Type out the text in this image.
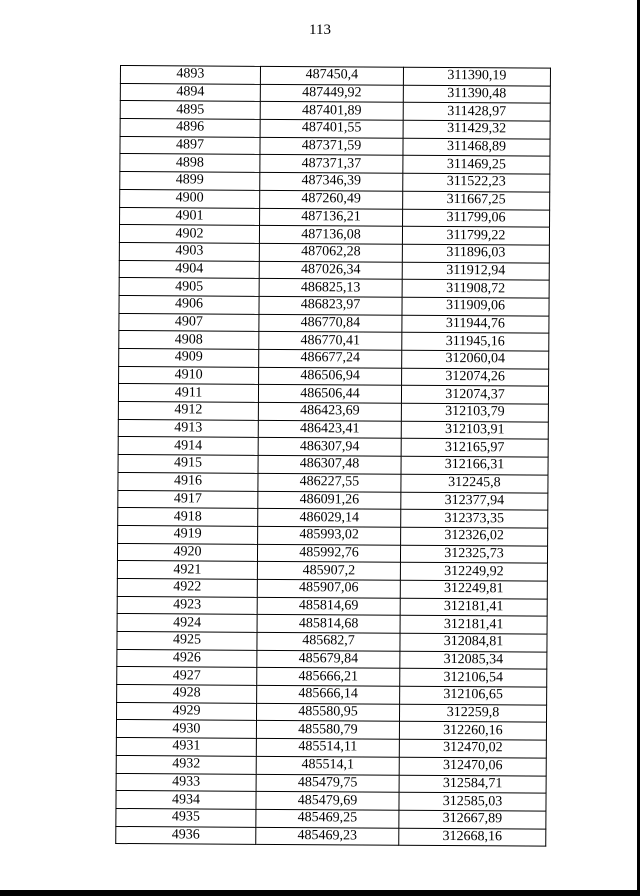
113
4893	487450,4	311390,19
4894	487449,92	311390,48
4895	487401,89	311428,97
4896	487401,55	311429,32
4897	487371,59	311468,89
4898	487371,37	311469,25
4899	487346,39	311522,23
4900	487260,49	311667,25
4901	487136,21	311799,06
4902	487136,08	311799,22
4903	487062,28	311896,03
4904	487026,34	311912,94
4905	486825,13	311908,72
4906	486823,97	311909,06
4907	486770,84	311944,76
4908	486770,41	311945,16
4909	486677,24	312060,04
4910	486506,94	312074,26
4911	486506,44	312074,37
4912	486423,69	312103,79
4913	486423,41	312103,91
4914	486307,94	312165,97
4915	486307,48	312166,31
4916	486227,55	312245,8
4917	486091,26	312377,94
4918	486029,14	312373,35
4919	485993,02	312326,02
4920	485992,76	312325,73
4921	485907,2	312249,92
4922	485907,06	312249,81
4923	485814,69	312181,41
4924	485814,68	312181,41
4925	485682,7	312084,81
4926	485679,84	312085,34
4927	485666,21	312106,54
4928	485666,14	312106,65
4929	485580,95	312259,8
4930	485580,79	312260,16
4931	485514,11	312470,02
4932	485514,1	312470,06
4933	485479,75	312584,71
4934	485479,69	312585,03
4935	485469,25	312667,89
4936	485469,23	312668,16
